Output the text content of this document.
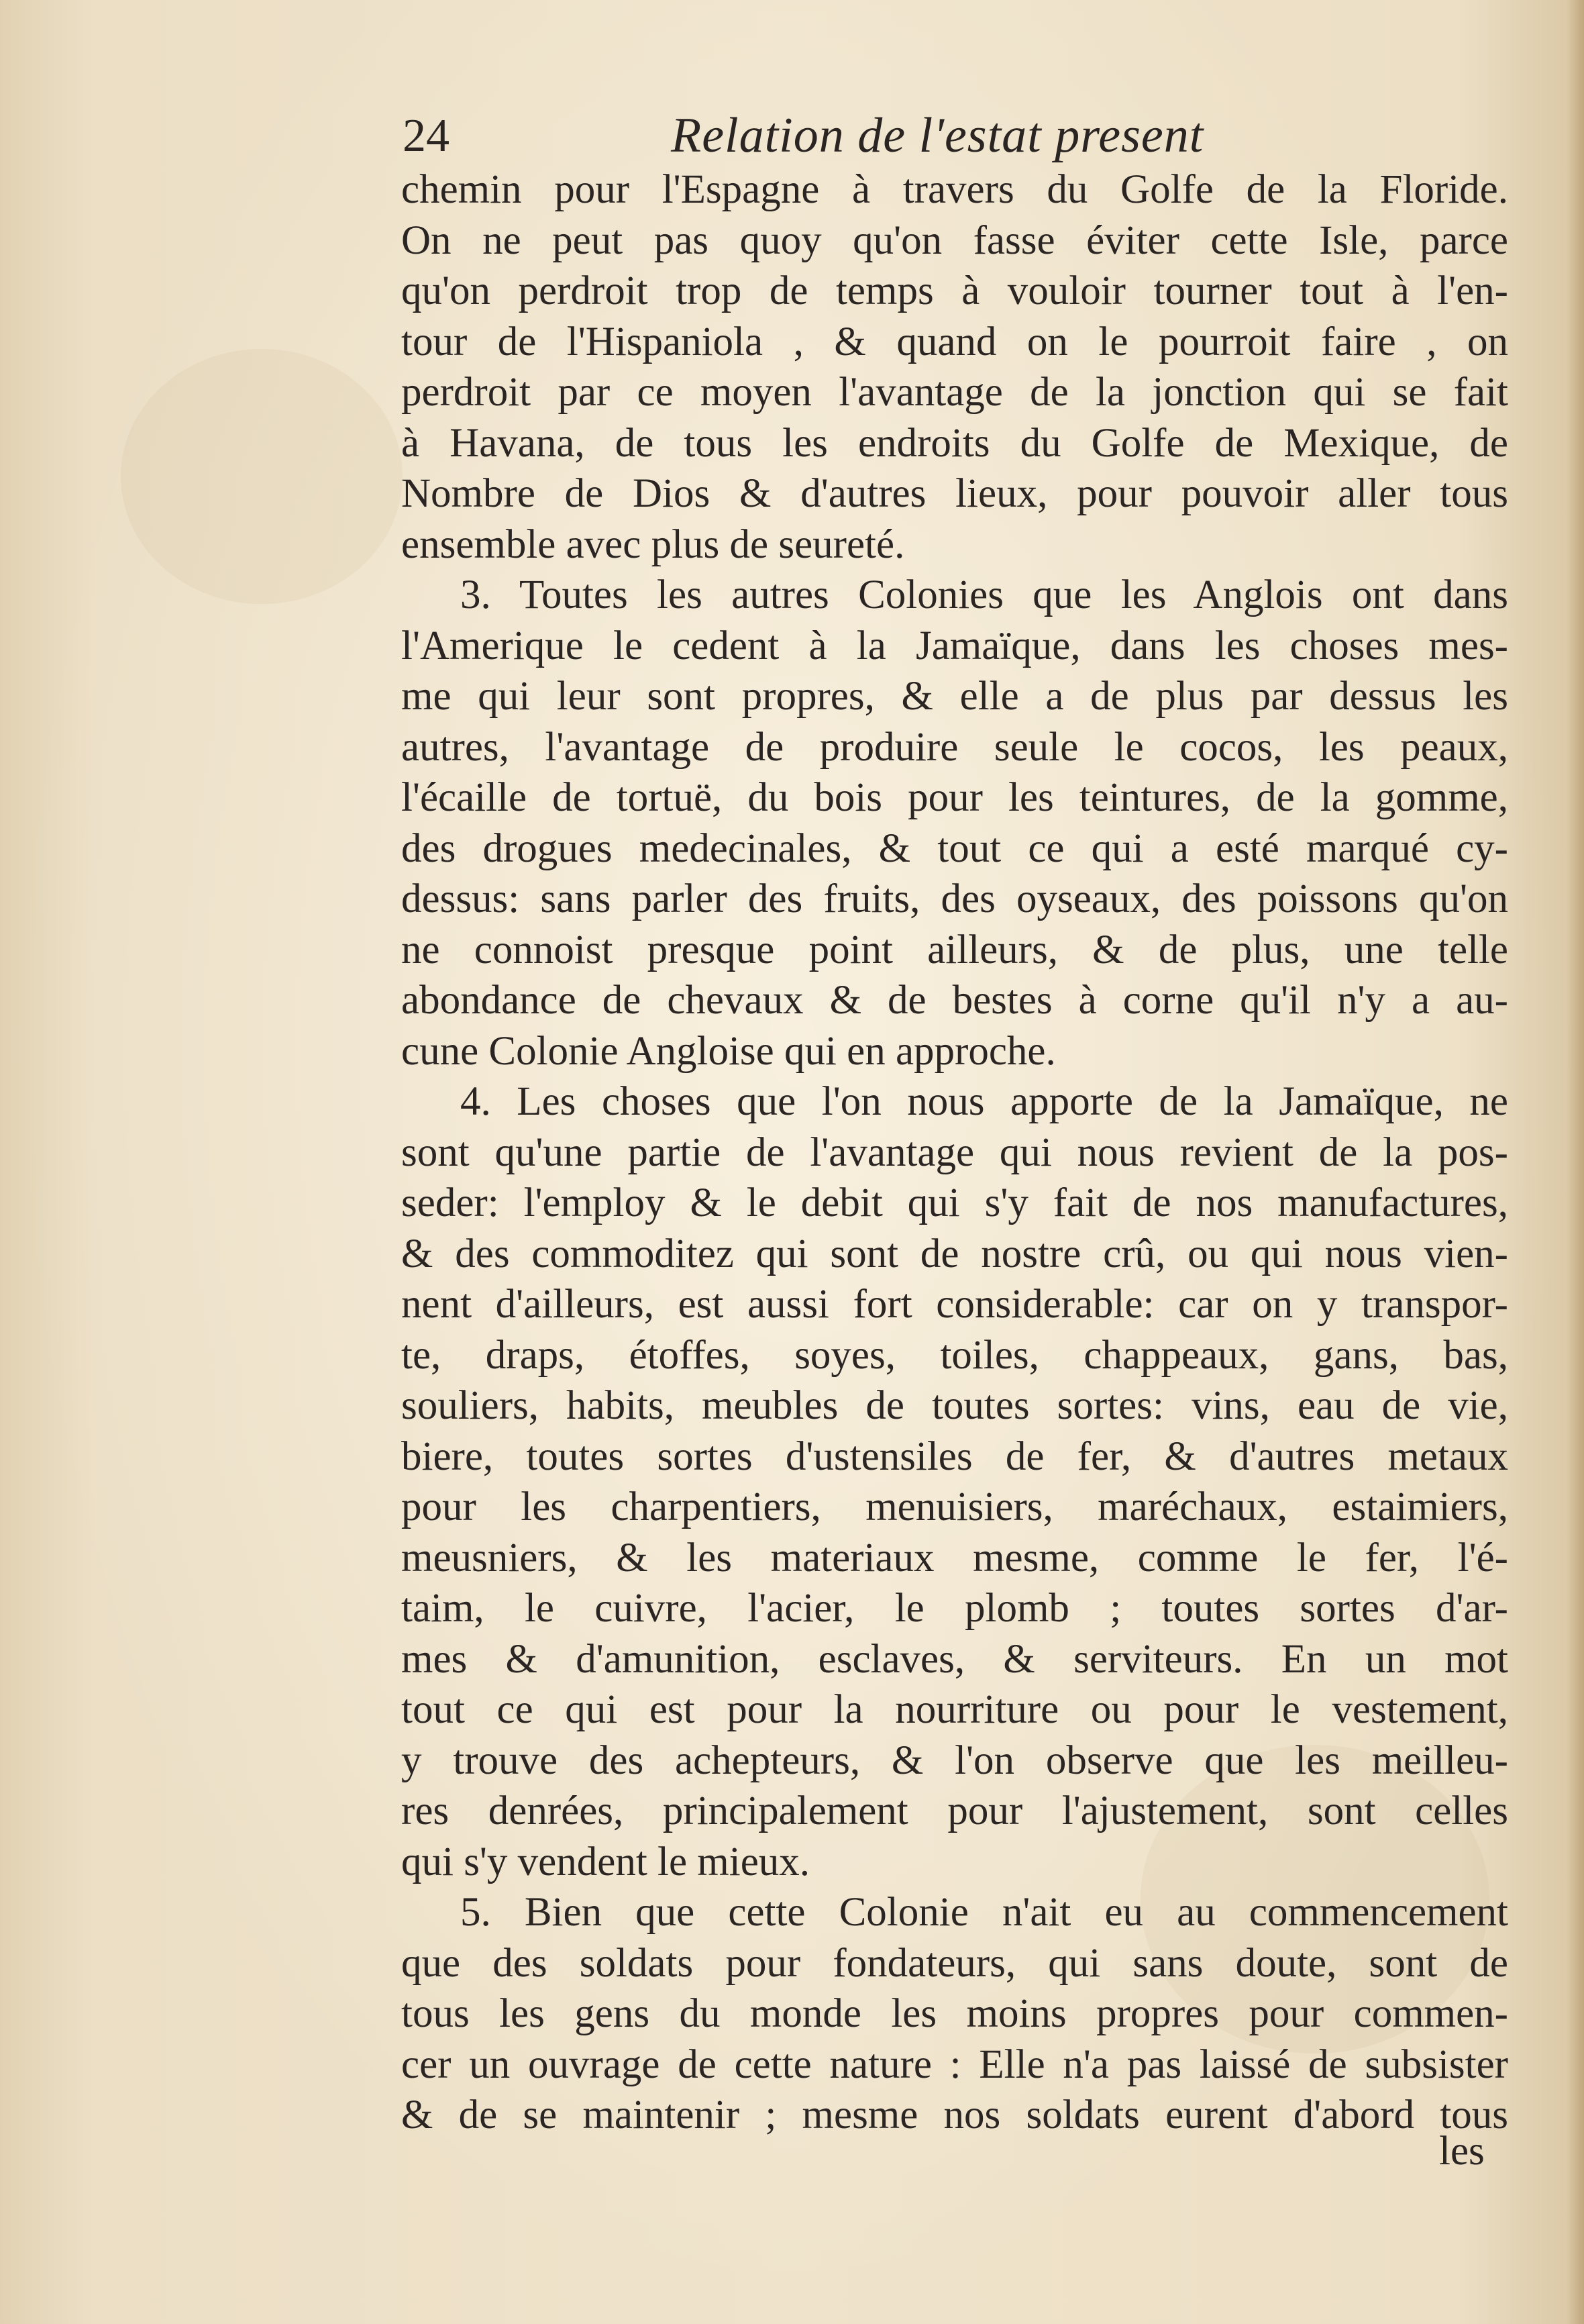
24	Relation de l'estat present
chemin pour l'Espagne à travers du Golfe de la Floride.
On ne peut pas quoy qu'on fasse éviter cette Isle, parce
qu'on perdroit trop de temps à vouloir tourner tout à l'en-
tour de l'Hispaniola , & quand on le pourroit faire , on
perdroit par ce moyen l'avantage de la jonction qui se fait
à Havana, de tous les endroits du Golfe de Mexique, de
Nombre de Dios & d'autres lieux, pour pouvoir aller tous
ensemble avec plus de seureté.
3. Toutes les autres Colonies que les Anglois ont dans
l'Amerique le cedent à la Jamaïque, dans les choses mes-
me qui leur sont propres, & elle a de plus par dessus les
autres, l'avantage de produire seule le cocos, les peaux,
l'écaille de tortuë, du bois pour les teintures, de la gomme,
des drogues medecinales, & tout ce qui a esté marqué cy-
dessus: sans parler des fruits, des oyseaux, des poissons qu'on
ne connoist presque point ailleurs, & de plus, une telle
abondance de chevaux & de bestes à corne qu'il n'y a au-
cune Colonie Angloise qui en approche.
4. Les choses que l'on nous apporte de la Jamaïque, ne
sont qu'une partie de l'avantage qui nous revient de la pos-
seder: l'employ & le debit qui s'y fait de nos manufactures,
& des commoditez qui sont de nostre crû, ou qui nous vien-
nent d'ailleurs, est aussi fort considerable: car on y transpor-
te, draps, étoffes, soyes, toiles, chappeaux, gans, bas,
souliers, habits, meubles de toutes sortes: vins, eau de vie,
biere, toutes sortes d'ustensiles de fer, & d'autres metaux
pour les charpentiers, menuisiers, maréchaux, estaimiers,
meusniers, & les materiaux mesme, comme le fer, l'é-
taim, le cuivre, l'acier, le plomb ; toutes sortes d'ar-
mes & d'amunition, esclaves, & serviteurs. En un mot
tout ce qui est pour la nourriture ou pour le vestement,
y trouve des achepteurs, & l'on observe que les meilleu-
res denrées, principalement pour l'ajustement, sont celles
qui s'y vendent le mieux.
5. Bien que cette Colonie n'ait eu au commencement
que des soldats pour fondateurs, qui sans doute, sont de
tous les gens du monde les moins propres pour commen-
cer un ouvrage de cette nature : Elle n'a pas laissé de subsister
& de se maintenir ; mesme nos soldats eurent d'abord tous
les
